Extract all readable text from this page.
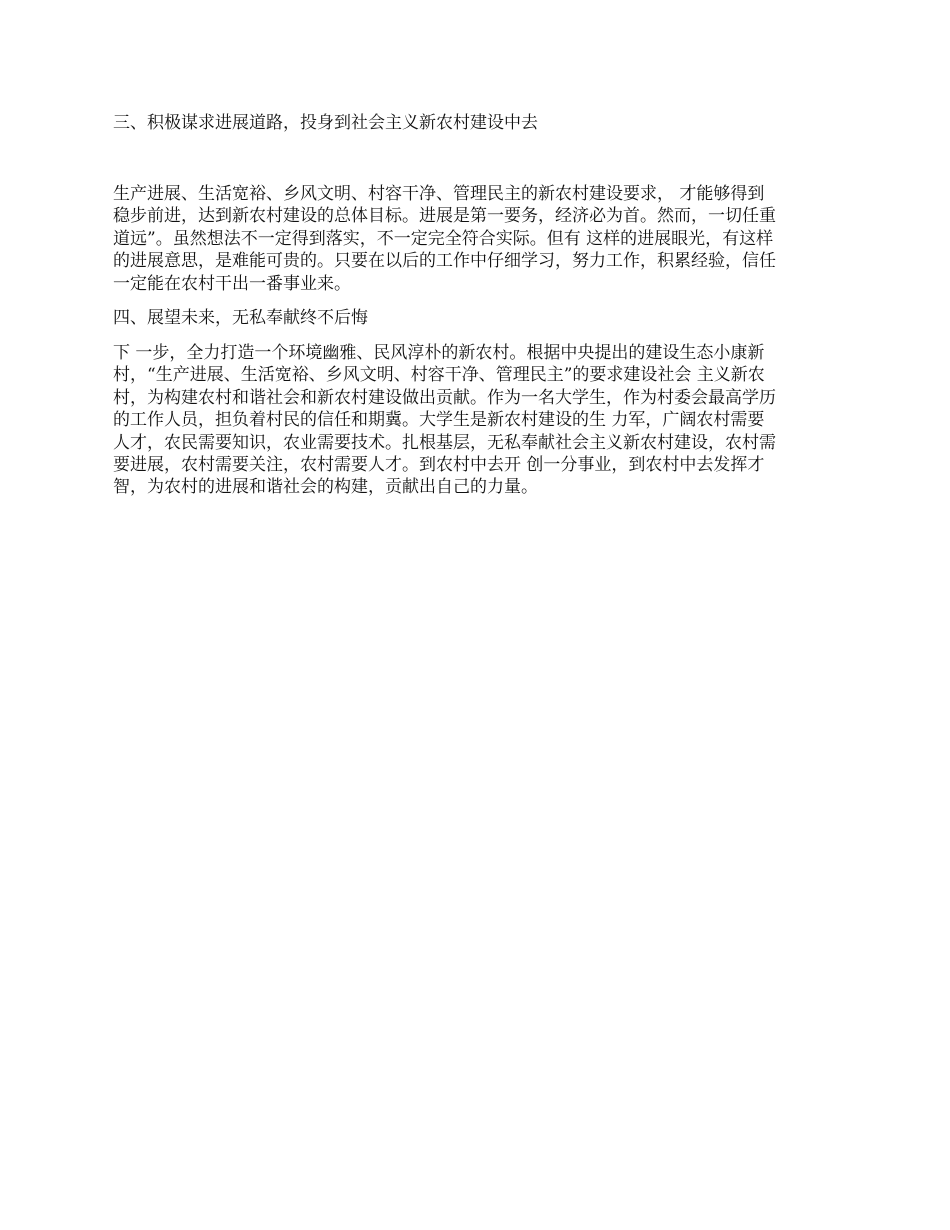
三、积极谋求进展道路，投身到社会主义新农村建设中去

生产进展、生活宽裕、乡风文明、村容干净、管理民主的新农村建设要求， 才能够得到
稳步前进，达到新农村建设的总体目标。进展是第一要务，经济必为首。然而，一切任重
道远”。虽然想法不一定得到落实，不一定完全符合实际。但有 这样的进展眼光，有这样
的进展意思，是难能可贵的。只要在以后的工作中仔细学习，努力工作，积累经验，信任
一定能在农村干出一番事业来。

四、展望未来，无私奉献终不后悔

下 一步，全力打造一个环境幽雅、民风淳朴的新农村。根据中央提出的建设生态小康新
村，“生产进展、生活宽裕、乡风文明、村容干净、管理民主”的要求建设社会 主义新农
村，为构建农村和谐社会和新农村建设做出贡献。作为一名大学生，作为村委会最高学历
的工作人员，担负着村民的信任和期冀。大学生是新农村建设的生 力军，广阔农村需要
人才，农民需要知识，农业需要技术。扎根基层，无私奉献社会主义新农村建设，农村需
要进展，农村需要关注，农村需要人才。到农村中去开 创一分事业，到农村中去发挥才
智，为农村的进展和谐社会的构建，贡献出自己的力量。
